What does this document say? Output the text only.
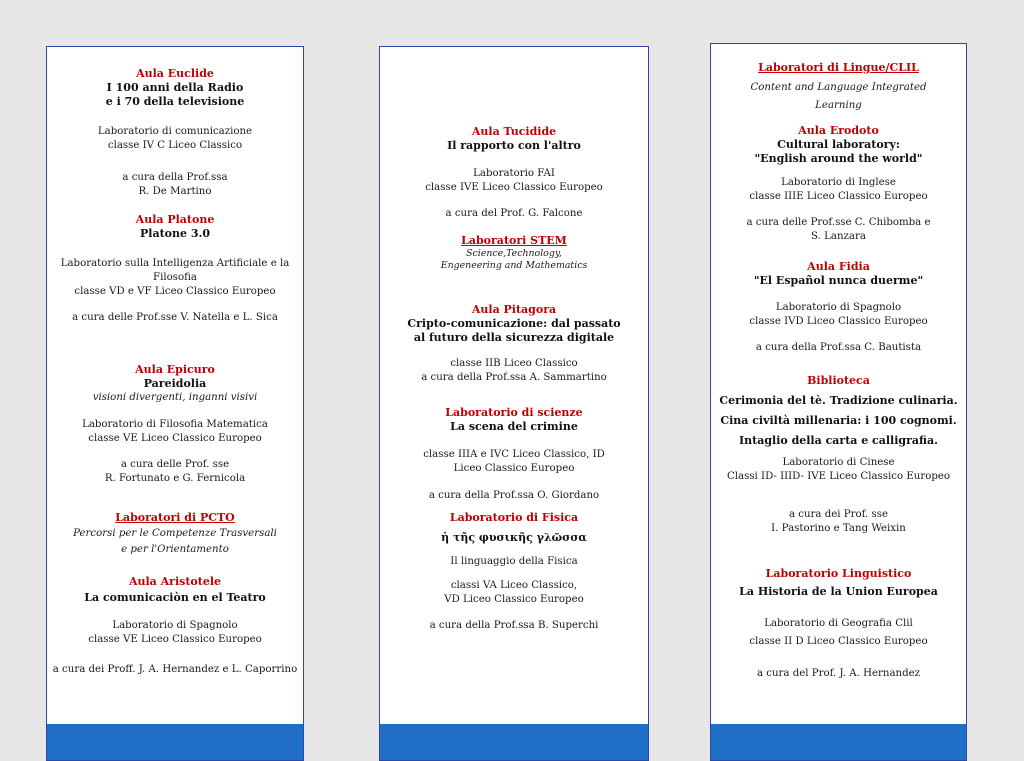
Aula Euclide
I 100 anni della Radio
e i 70 della televisione
Laboratorio di comunicazione
classe IV C Liceo Classico
a cura della Prof.ssa
R. De Martino
Aula Platone
Platone 3.0
Laboratorio sulla Intelligenza Artificiale e la
Filosofia
classe VD e VF Liceo Classico Europeo
a cura delle Prof.sse V. Natella e L. Sica
Aula Epicuro
Pareidolia
visioni divergenti, inganni visivi
Laboratorio di Filosofia Matematica
classe VE Liceo Classico Europeo
a cura delle Prof. sse
R. Fortunato e G. Fernicola
Laboratori di PCTO
Percorsi per le Competenze Trasversali
e per l'Orientamento
Aula Aristotele
La comunicaciòn en el Teatro
Laboratorio di Spagnolo
classe VE Liceo Classico Europeo
a cura dei Proff. J. A. Hernandez e L. Caporrino
Aula Tucidide
Il rapporto con l'altro
Laboratorio FAI
classe IVE Liceo Classico Europeo
a cura del Prof. G. Falcone
Laboratori STEM
Science,Technology,
Engeneering and Mathematics
Aula Pitagora
Cripto-comunicazione: dal passato
al futuro della sicurezza digitale
classe IIB Liceo Classico
a cura della Prof.ssa A. Sammartino
Laboratorio di scienze
La scena del crimine
classe IIIA e IVC Liceo Classico, ID
Liceo Classico Europeo
a cura della Prof.ssa O. Giordano
Laboratorio di Fisica
ἡ τῆς φυσικῆς γλῶσσα
Il linguaggio della Fisica
classi VA Liceo Classico,
VD Liceo Classico Europeo
a cura della Prof.ssa B. Superchi
Laboratori di Lingue/CLIL
Content and Language Integrated
Learning
Aula Erodoto
Cultural laboratory:
"English around the world"
Laboratorio di Inglese
classe IIIE Liceo Classico Europeo
a cura delle Prof.sse C. Chibomba e
S. Lanzara
Aula Fidia
"El Español nunca duerme"
Laboratorio di Spagnolo
classe IVD Liceo Classico Europeo
a cura della Prof.ssa C. Bautista
Biblioteca
Cerimonia del tè. Tradizione culinaria.
Cina civiltà millenaria: i 100 cognomi.
Intaglio della carta e calligrafia.
Laboratorio di Cinese
Classi ID- IIID- IVE Liceo Classico Europeo
a cura dei Prof. sse
I. Pastorino e Tang Weixin
Laboratorio Linguistico
La Historia de la Union Europea
Laboratorio di Geografia Clil
classe II D Liceo Classico Europeo
a cura del Prof. J. A. Hernandez
